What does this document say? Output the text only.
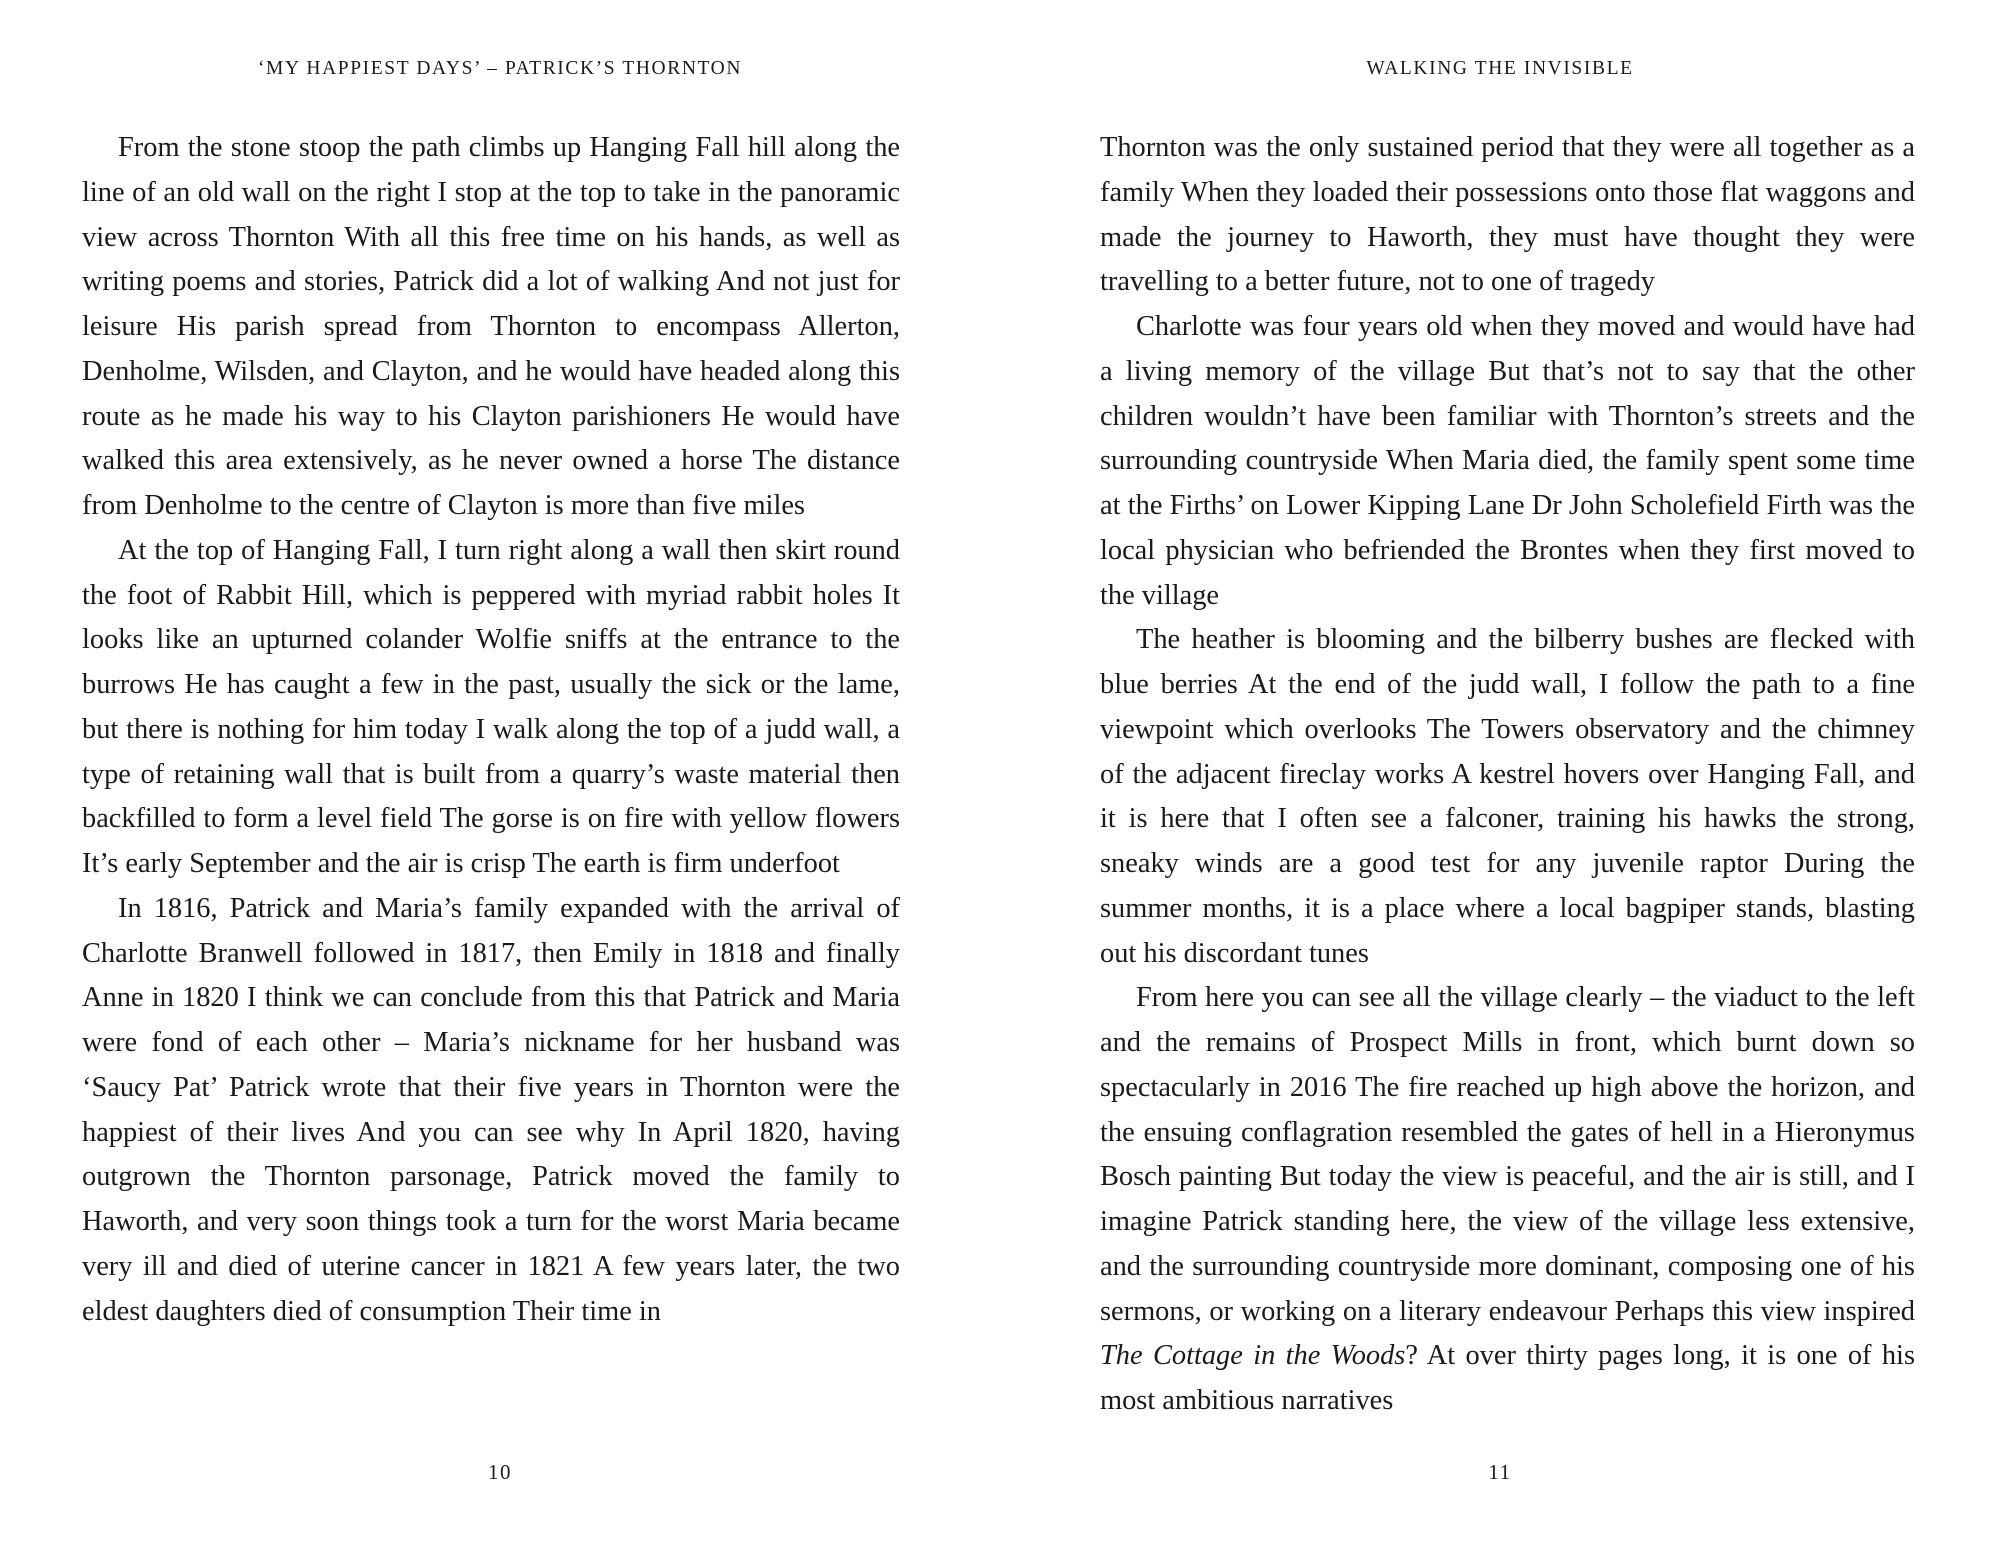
‘MY HAPPIEST DAYS’ – PATRICK’S THORNTON

From the stone stoop the path climbs up Hanging Fall hill along the line of an old wall on the right I stop at the top to take in the panoramic view across Thornton With all this free time on his hands, as well as writing poems and stories, Patrick did a lot of walking And not just for leisure His parish spread from Thornton to encompass Allerton, Denholme, Wilsden, and Clayton, and he would have headed along this route as he made his way to his Clayton parishioners He would have walked this area extensively, as he never owned a horse The distance from Denholme to the centre of Clayton is more than five miles

At the top of Hanging Fall, I turn right along a wall then skirt round the foot of Rabbit Hill, which is peppered with myriad rabbit holes It looks like an upturned colander Wolfie sniffs at the entrance to the burrows He has caught a few in the past, usually the sick or the lame, but there is nothing for him today I walk along the top of a judd wall, a type of retaining wall that is built from a quarry’s waste material then backfilled to form a level field The gorse is on fire with yellow flowers It’s early September and the air is crisp The earth is firm underfoot

In 1816, Patrick and Maria’s family expanded with the arrival of Charlotte Branwell followed in 1817, then Emily in 1818 and finally Anne in 1820 I think we can conclude from this that Patrick and Maria were fond of each other – Maria’s nickname for her husband was ‘Saucy Pat’ Patrick wrote that their five years in Thornton were the happiest of their lives And you can see why In April 1820, having outgrown the Thornton parsonage, Patrick moved the family to Haworth, and very soon things took a turn for the worst Maria became very ill and died of uterine cancer in 1821 A few years later, the two eldest daughters died of consumption Their time in

10
WALKING THE INVISIBLE

Thornton was the only sustained period that they were all together as a family When they loaded their possessions onto those flat waggons and made the journey to Haworth, they must have thought they were travelling to a better future, not to one of tragedy

Charlotte was four years old when they moved and would have had a living memory of the village But that’s not to say that the other children wouldn’t have been familiar with Thornton’s streets and the surrounding countryside When Maria died, the family spent some time at the Firths’ on Lower Kipping Lane Dr John Scholefield Firth was the local physician who befriended the Brontes when they first moved to the village

The heather is blooming and the bilberry bushes are flecked with blue berries At the end of the judd wall, I follow the path to a fine viewpoint which overlooks The Towers observatory and the chimney of the adjacent fireclay works A kestrel hovers over Hanging Fall, and it is here that I often see a falconer, training his hawks the strong, sneaky winds are a good test for any juvenile raptor During the summer months, it is a place where a local bagpiper stands, blasting out his discordant tunes

From here you can see all the village clearly – the viaduct to the left and the remains of Prospect Mills in front, which burnt down so spectacularly in 2016 The fire reached up high above the horizon, and the ensuing conflagration resembled the gates of hell in a Hieronymus Bosch painting But today the view is peaceful, and the air is still, and I imagine Patrick standing here, the view of the village less extensive, and the surrounding countryside more dominant, composing one of his sermons, or working on a literary endeavour Perhaps this view inspired The Cottage in the Woods? At over thirty pages long, it is one of his most ambitious narratives

11
